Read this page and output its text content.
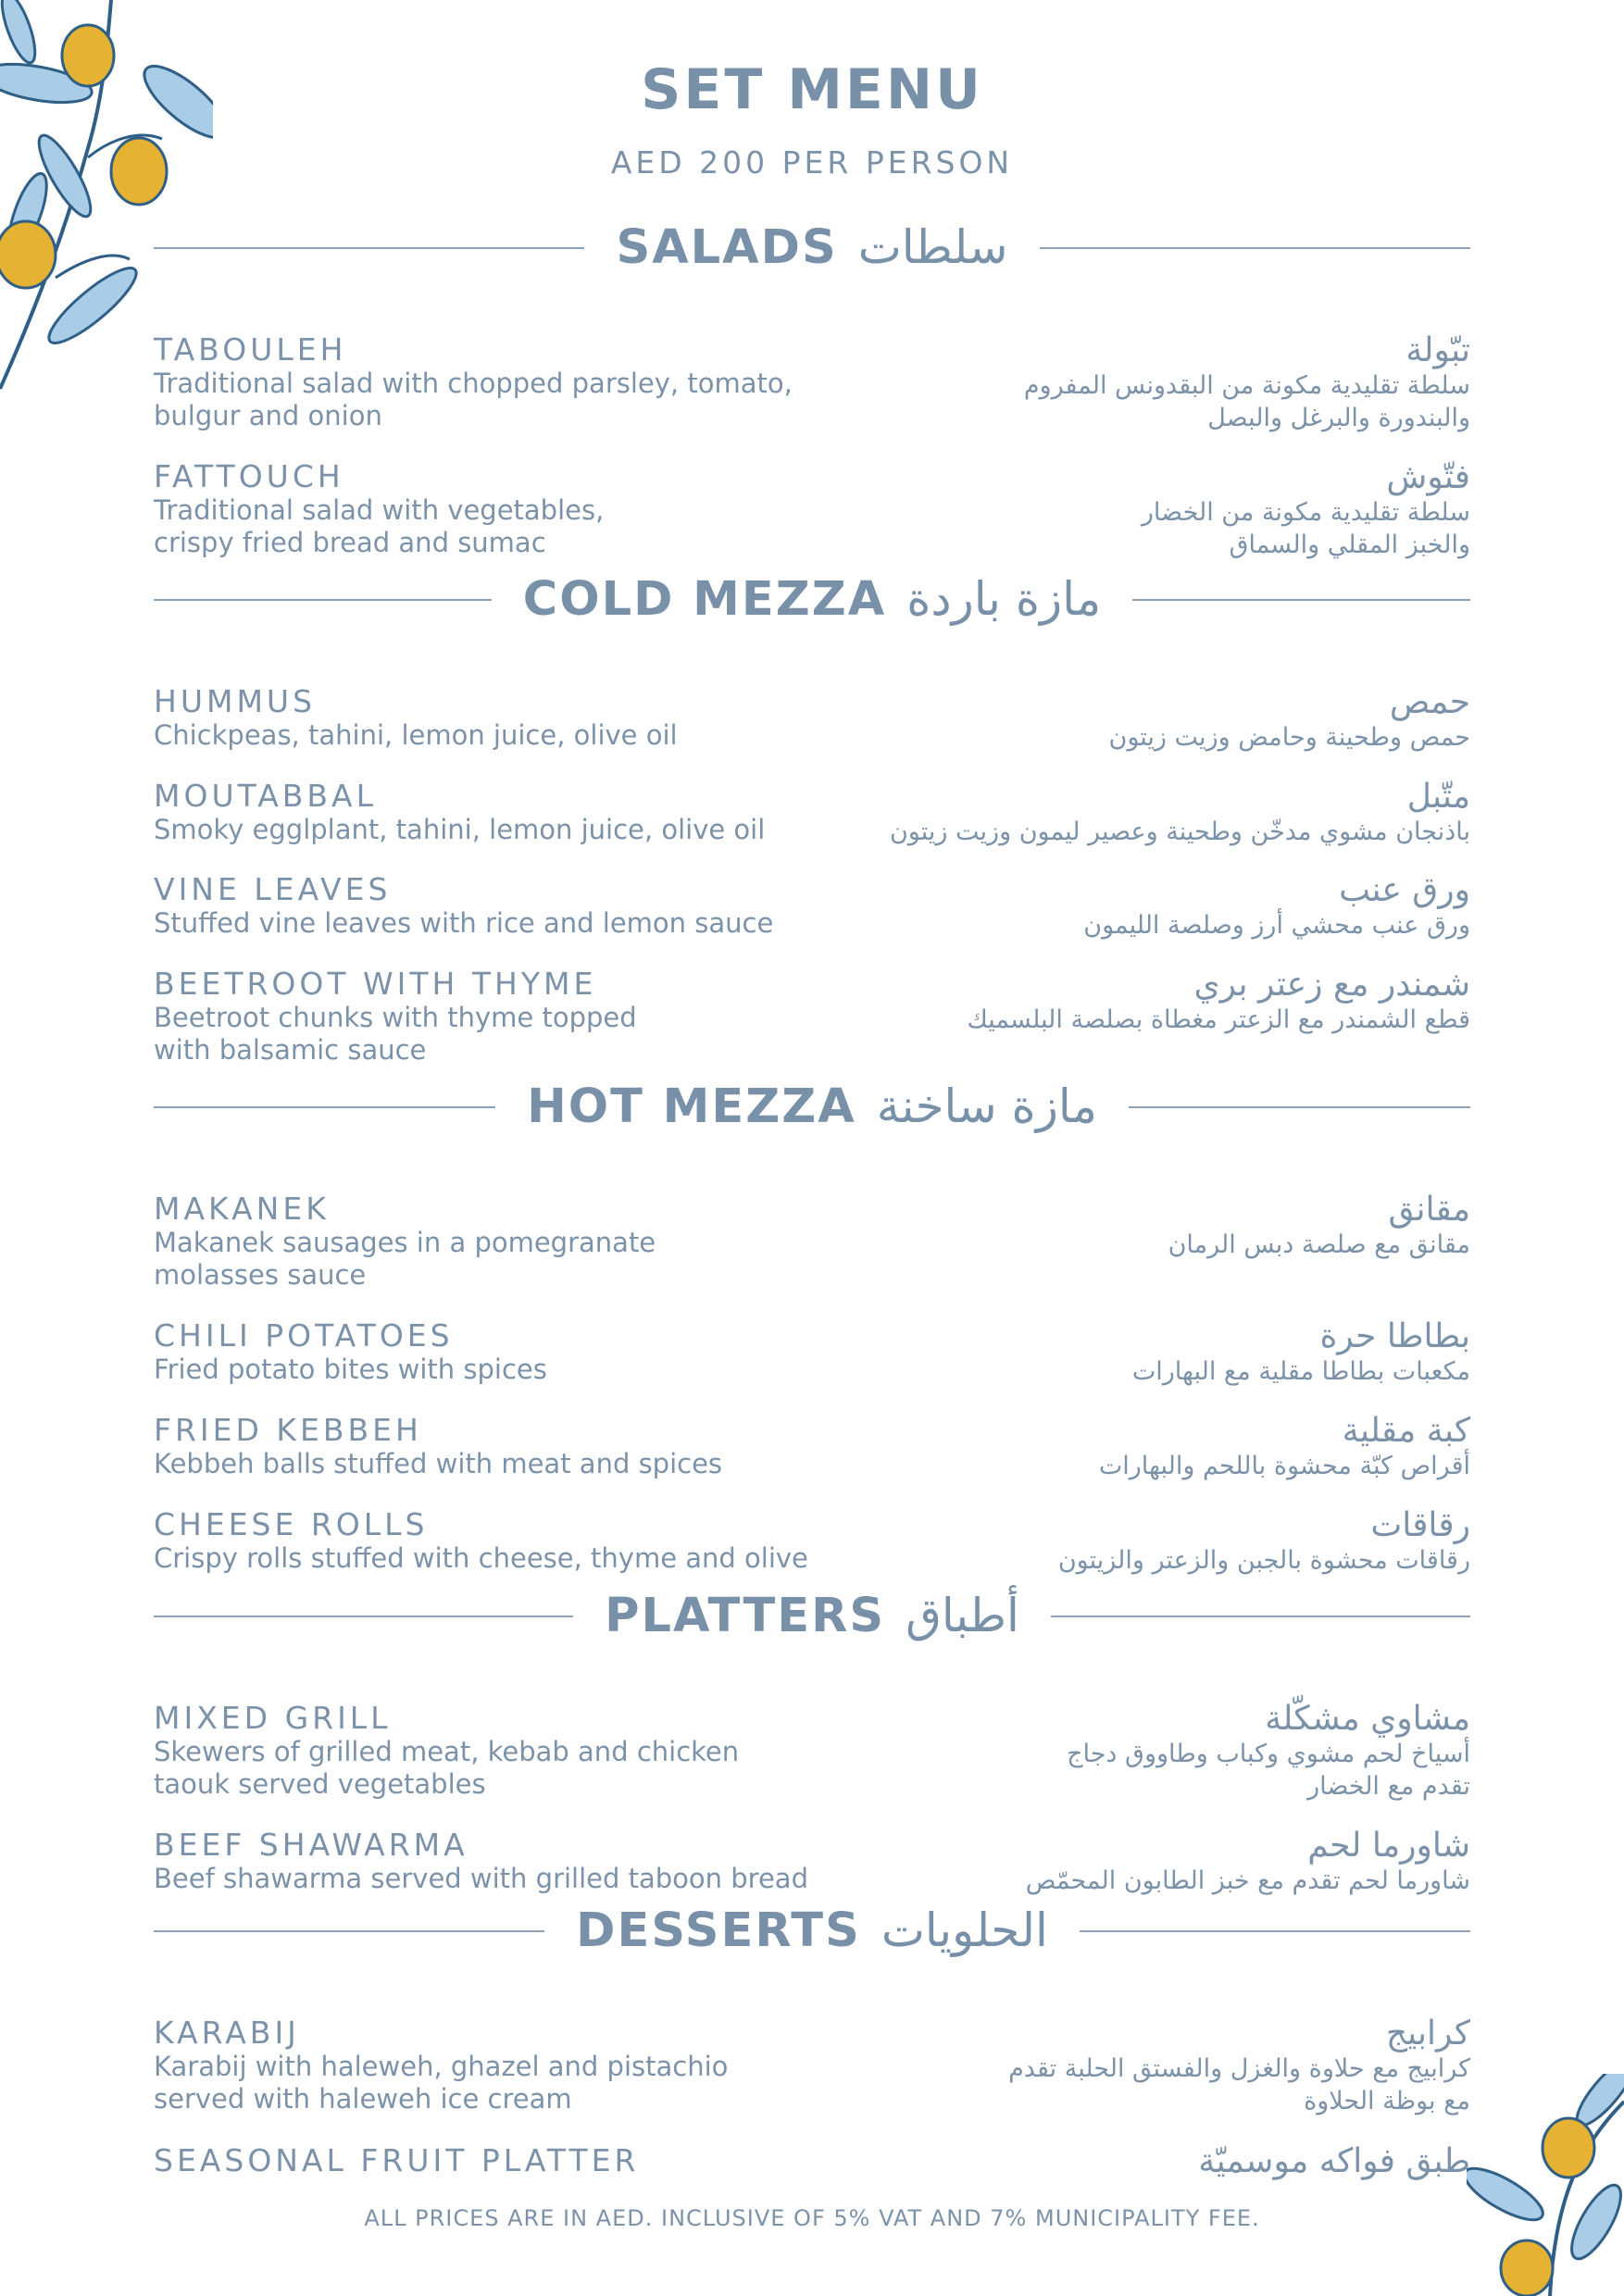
SET MENU
AED 200 PER PERSON
SALADS سلطات
TABOULEH
Traditional salad with chopped parsley, tomato,
bulgur and onion
تبّولة
سلطة تقليدية مكونة من البقدونس المفروم
والبندورة والبرغل والبصل
FATTOUCH
Traditional salad with vegetables,
crispy fried bread and sumac
فتّوش
سلطة تقليدية مكونة من الخضار
والخبز المقلي والسماق
COLD MEZZA مازة باردة
HUMMUS
Chickpeas, tahini, lemon juice, olive oil
حمص
حمص وطحينة وحامض وزيت زيتون
MOUTABBAL
Smoky egglplant, tahini, lemon juice, olive oil
متّبل
باذنجان مشوي مدخّن وطحينة وعصير ليمون وزيت زيتون
VINE LEAVES
Stuffed vine leaves with rice and lemon sauce
ورق عنب
ورق عنب محشي أرز وصلصة الليمون
BEETROOT WITH THYME
Beetroot chunks with thyme topped
with balsamic sauce
شمندر مع زعتر بري
قطع الشمندر مع الزعتر مغطاة بصلصة البلسميك
HOT MEZZA مازة ساخنة
MAKANEK
Makanek sausages in a pomegranate
molasses sauce
مقانق
مقانق مع صلصة دبس الرمان
CHILI POTATOES
Fried potato bites with spices
بطاطا حرة
مكعبات بطاطا مقلية مع البهارات
FRIED KEBBEH
Kebbeh balls stuffed with meat and spices
كبة مقلية
أقراص كبّة محشوة باللحم والبهارات
CHEESE ROLLS
Crispy rolls stuffed with cheese, thyme and olive
رقاقات
رقاقات محشوة بالجبن والزعتر والزيتون
PLATTERS أطباق
MIXED GRILL
Skewers of grilled meat, kebab and chicken
taouk served vegetables
مشاوي مشكّلة
أسياخ لحم مشوي وكباب وطاووق دجاج
تقدم مع الخضار
BEEF SHAWARMA
Beef shawarma served with grilled taboon bread
شاورما لحم
شاورما لحم تقدم مع خبز الطابون المحمّص
DESSERTS الحلويات
KARABIJ
Karabij with haleweh, ghazel and pistachio
served with haleweh ice cream
كرابيج
كرابيج مع حلاوة والغزل والفستق الحلبة تقدم
مع بوظة الحلاوة
SEASONAL FRUIT PLATTER	طبق فواكه موسميّة
ALL PRICES ARE IN AED. INCLUSIVE OF 5% VAT AND 7% MUNICIPALITY FEE.
